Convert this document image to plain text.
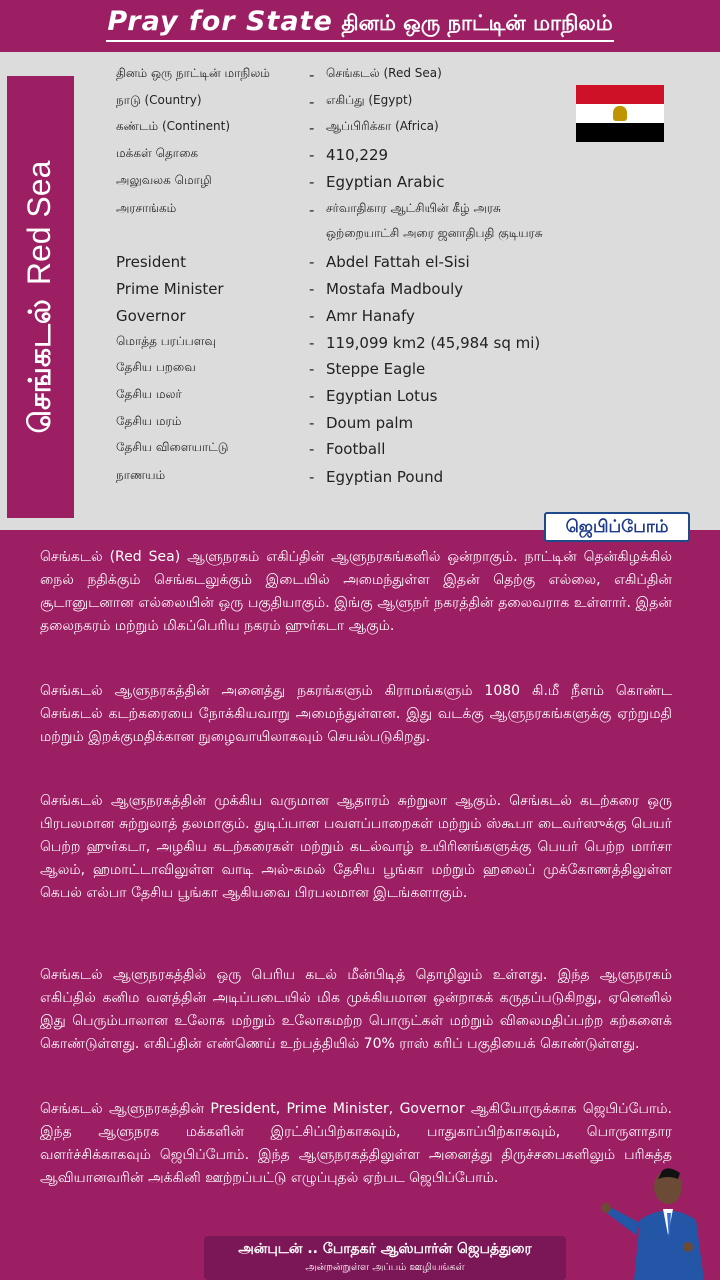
Pray for State தினம் ஒரு நாட்டின் மாநிலம்
செங்கடல்Red Sea
தினம் ஒரு நாட்டின் மாநிலம்	- செங்கடல் (Red Sea)
நாடு (Country)	- எகிப்து (Egypt)
கண்டம் (Continent)	- ஆப்பிரிக்கா (Africa)
மக்கள் தொகை	- 410,229
அலுவலக மொழி	- Egyptian Arabic
அரசாங்கம்	- சர்வாதிகார ஆட்சியின் கீழ் அரசு
ஒற்றையாட்சி அரை ஜனாதிபதி குடியரசு
President	- Abdel Fattah el-Sisi
Prime Minister	- Mostafa Madbouly
Governor	- Amr Hanafy
மொத்த பரப்பளவு	- 119,099 km2 (45,984 sq mi)
தேசிய பறவை	- Steppe Eagle
தேசிய மலர்	- Egyptian Lotus
தேசிய மரம்	- Doum palm
தேசிய விளையாட்டு	- Football
நாணயம்	- Egyptian Pound
ஜெபிப்போம்
செங்கடல் (Red Sea) ஆளுநரகம் எகிப்தின் ஆளுநரகங்களில் ஒன்றாகும். நாட்டின் தென்கிழக்கில் நைல் நதிக்கும் செங்கடலுக்கும் இடையில் அமைந்துள்ள இதன் தெற்கு எல்லை, எகிப்தின் சூடானுடனான எல்லையின் ஒரு பகுதியாகும். இங்கு ஆளுநர் நகரத்தின் தலைவராக உள்ளார். இதன் தலைநகரம் மற்றும் மிகப்பெரிய நகரம் ஹுர்கடா ஆகும்.
செங்கடல் ஆளுநரகத்தின் அனைத்து நகரங்களும் கிராமங்களும் 1080 கி.மீ நீளம் கொண்ட செங்கடல் கடற்கரையை நோக்கியவாறு அமைந்துள்ளன. இது வடக்கு ஆளுநரகங்களுக்கு ஏற்றுமதி மற்றும் இறக்குமதிக்கான நுழைவாயிலாகவும் செயல்படுகிறது.
செங்கடல் ஆளுநரகத்தின் முக்கிய வருமான ஆதாரம் சுற்றுலா ஆகும். செங்கடல் கடற்கரை ஒரு பிரபலமான சுற்றுலாத் தலமாகும். துடிப்பான பவளப்பாறைகள் மற்றும் ஸ்கூபா டைவர்ஸுக்கு பெயர் பெற்ற ஹுர்கடா, அழகிய கடற்கரைகள் மற்றும் கடல்வாழ் உயிரினங்களுக்கு பெயர் பெற்ற மார்சா ஆலம், ஹமாட்டாவிலுள்ள வாடி அல்-கமல் தேசிய பூங்கா மற்றும் ஹலைப் முக்கோணத்திலுள்ள கெபல் எல்பா தேசிய பூங்கா ஆகியவை பிரபலமான இடங்களாகும்.
செங்கடல் ஆளுநரகத்தில் ஒரு பெரிய கடல் மீன்பிடித் தொழிலும் உள்ளது. இந்த ஆளுநரகம் எகிப்தில் கனிம வளத்தின் அடிப்படையில் மிக முக்கியமான ஒன்றாகக் கருதப்படுகிறது, ஏனெனில் இது பெரும்பாலான உலோக மற்றும் உலோகமற்ற பொருட்கள் மற்றும் விலைமதிப்பற்ற கற்களைக் கொண்டுள்ளது. எகிப்தின் எண்ணெய் உற்பத்தியில் 70% ராஸ் கரிப் பகுதியைக் கொண்டுள்ளது.
செங்கடல் ஆளுநரகத்தின் President, Prime Minister, Governor ஆகியோருக்காக ஜெபிப்போம். இந்த ஆளுநரக மக்களின் இரட்சிப்பிற்காகவும், பாதுகாப்பிற்காகவும், பொருளாதார வளர்ச்சிக்காகவும் ஜெபிப்போம். இந்த ஆளுநரகத்திலுள்ள அனைத்து திருச்சபைகளிலும் பரிசுத்த ஆவியானவரின் அக்கினி ஊற்றப்பட்டு எழுப்புதல் ஏற்பட ஜெபிப்போம்.
அன்புடன் .. போதகர் ஆஸ்பார்ன் ஜெபத்துரை
அன்றன்றுள்ள அப்பம் ஊழியங்கள்
